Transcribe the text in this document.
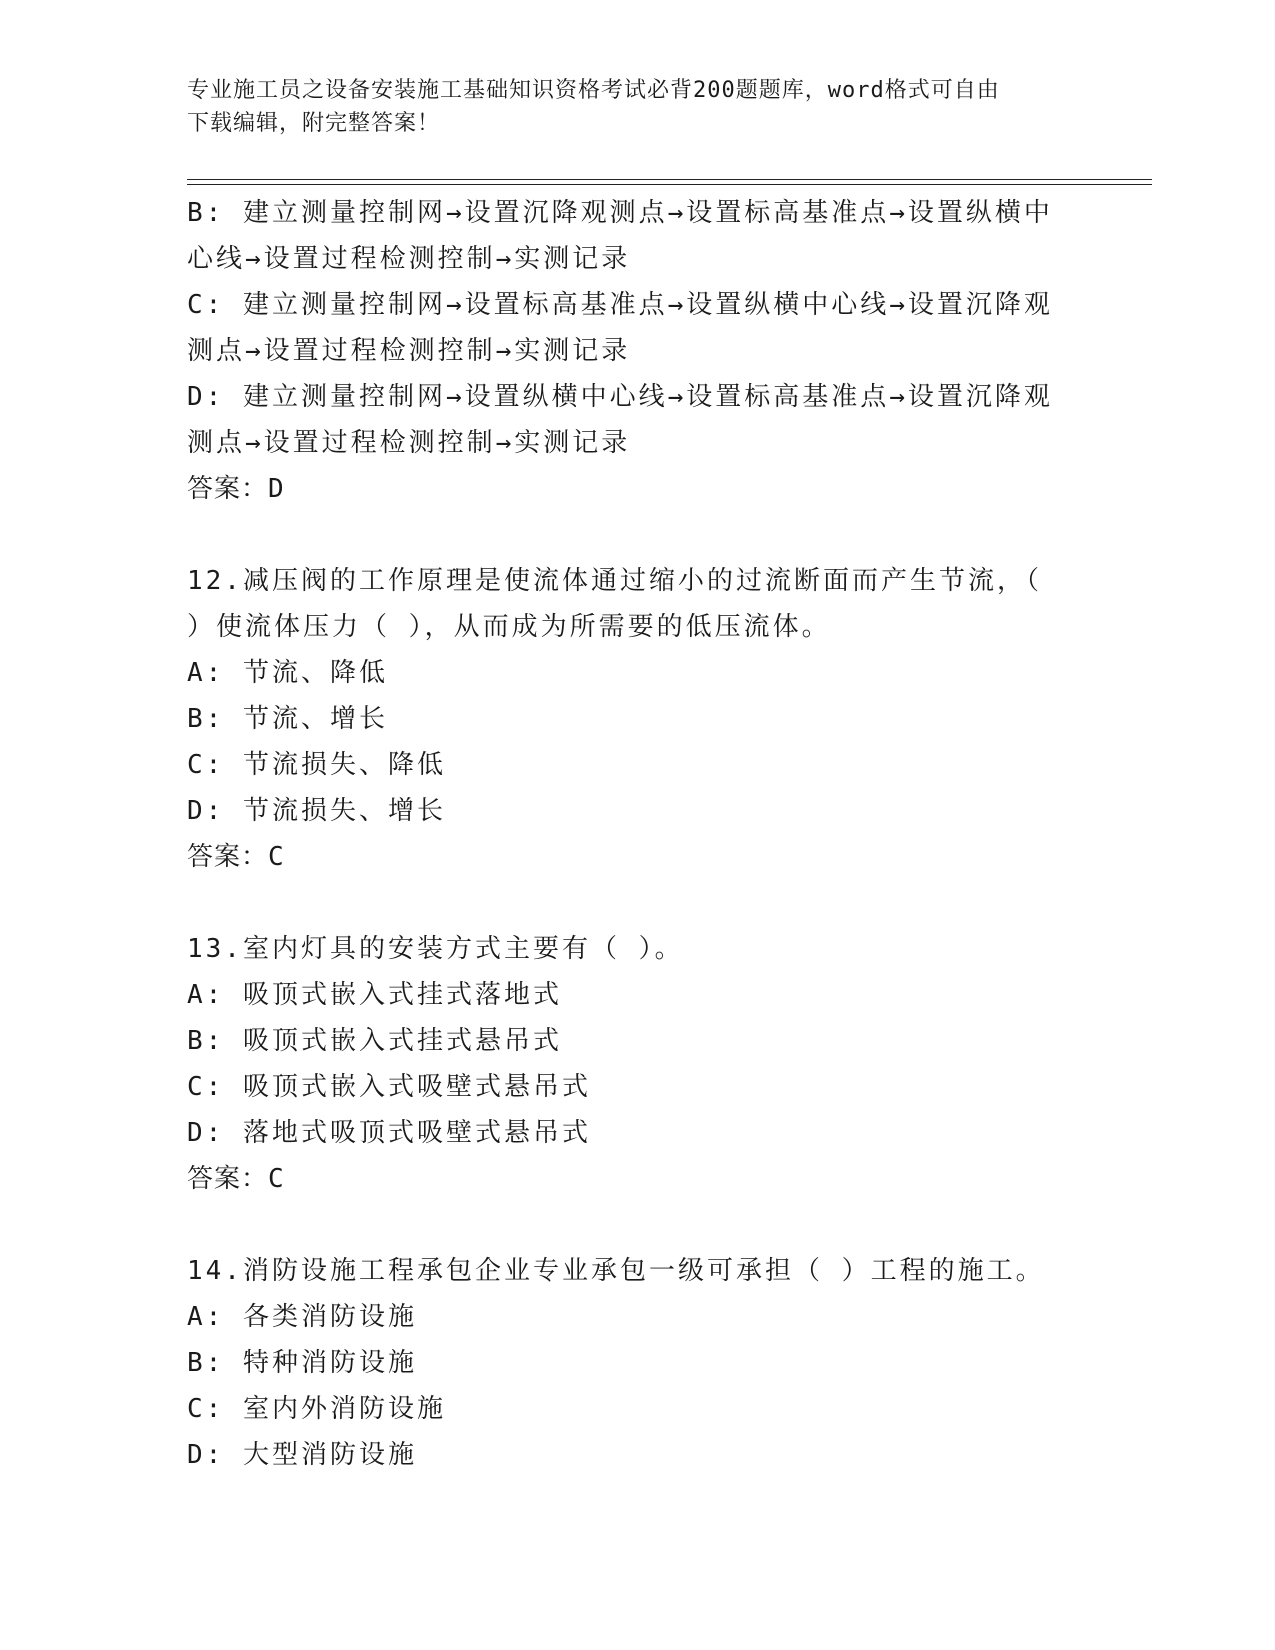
专业施工员之设备安装施工基础知识资格考试必背200题题库，word格式可自由
下载编辑，附完整答案！
B: 建立测量控制网→设置沉降观测点→设置标高基准点→设置纵横中
心线→设置过程检测控制→实测记录
C: 建立测量控制网→设置标高基准点→设置纵横中心线→设置沉降观
测点→设置过程检测控制→实测记录
D: 建立测量控制网→设置纵横中心线→设置标高基准点→设置沉降观
测点→设置过程检测控制→实测记录
答案：D
12.减压阀的工作原理是使流体通过缩小的过流断面而产生节流，（
）使流体压力（ ），从而成为所需要的低压流体。
A: 节流、降低
B: 节流、增长
C: 节流损失、降低
D: 节流损失、增长
答案：C
13.室内灯具的安装方式主要有（ ）。
A: 吸顶式嵌入式挂式落地式
B: 吸顶式嵌入式挂式悬吊式
C: 吸顶式嵌入式吸壁式悬吊式
D: 落地式吸顶式吸壁式悬吊式
答案：C
14.消防设施工程承包企业专业承包一级可承担（ ）工程的施工。
A: 各类消防设施
B: 特种消防设施
C: 室内外消防设施
D: 大型消防设施
